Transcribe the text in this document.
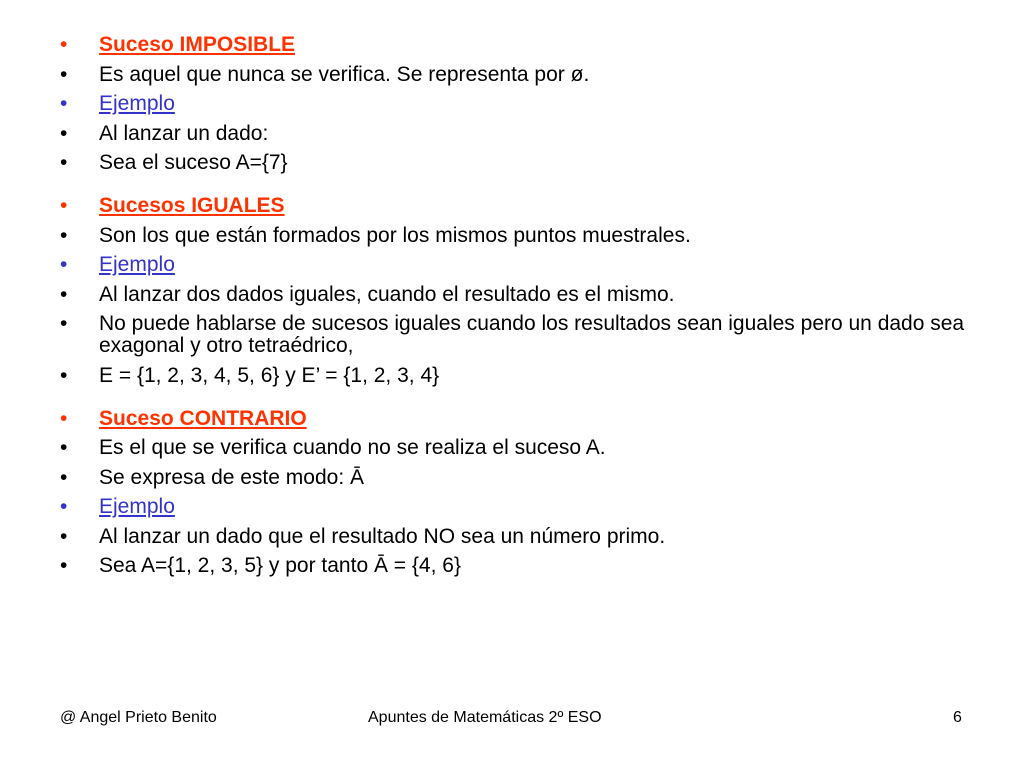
• Suceso IMPOSIBLE
• Es aquel que nunca se verifica. Se representa por ø.
• Ejemplo
• Al lanzar un dado:
• Sea el suceso A={7}
• Sucesos IGUALES
• Son los que están formados por los mismos puntos muestrales.
• Ejemplo
• Al lanzar dos dados iguales, cuando el resultado es el mismo.
• No puede hablarse de sucesos iguales cuando los resultados sean iguales pero un dado sea exagonal y otro tetraédrico,
• E = {1, 2, 3, 4, 5, 6} y E’ = {1, 2, 3, 4}
• Suceso CONTRARIO
• Es el que se verifica cuando no se realiza el suceso A.
• Se expresa de este modo: Ā
• Ejemplo
• Al lanzar un dado que el resultado NO sea un número primo.
• Sea A={1, 2, 3, 5} y por tanto Ā = {4, 6}
@ Angel Prieto Benito	Apuntes de Matemáticas 2º ESO	6
